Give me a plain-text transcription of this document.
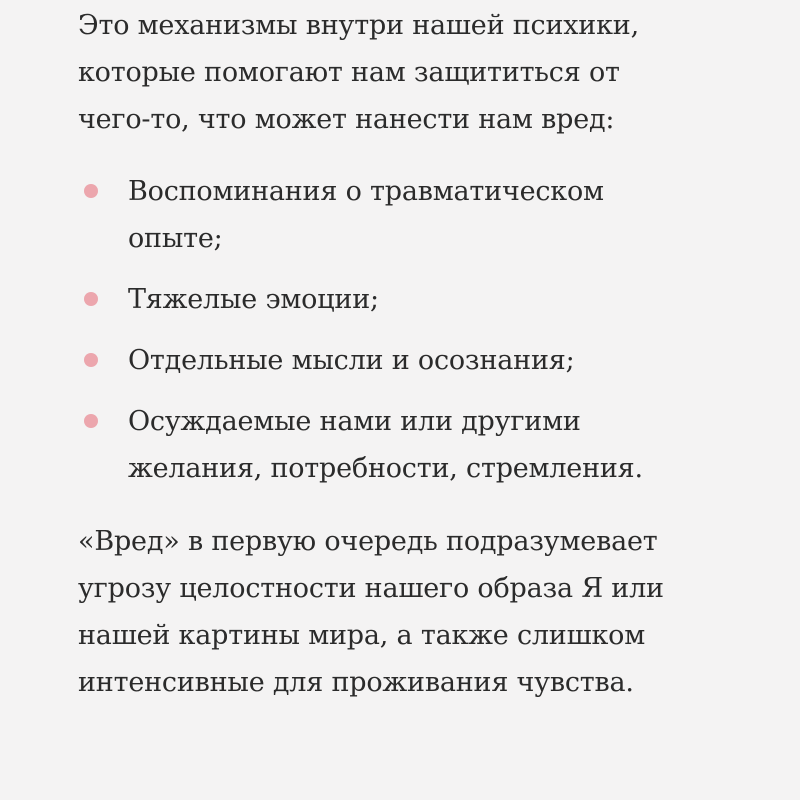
Это механизмы внутри нашей психики,
которые помогают нам защититься от
чего-то, что может нанести нам вред:

Воспоминания о травматическом
опыте;
Тяжелые эмоции;
Отдельные мысли и осознания;
Осуждаемые нами или другими
желания, потребности, стремления.

«Вред» в первую очередь подразумевает
угрозу целостности нашего образа Я или
нашей картины мира, а также слишком
интенсивные для проживания чувства.
